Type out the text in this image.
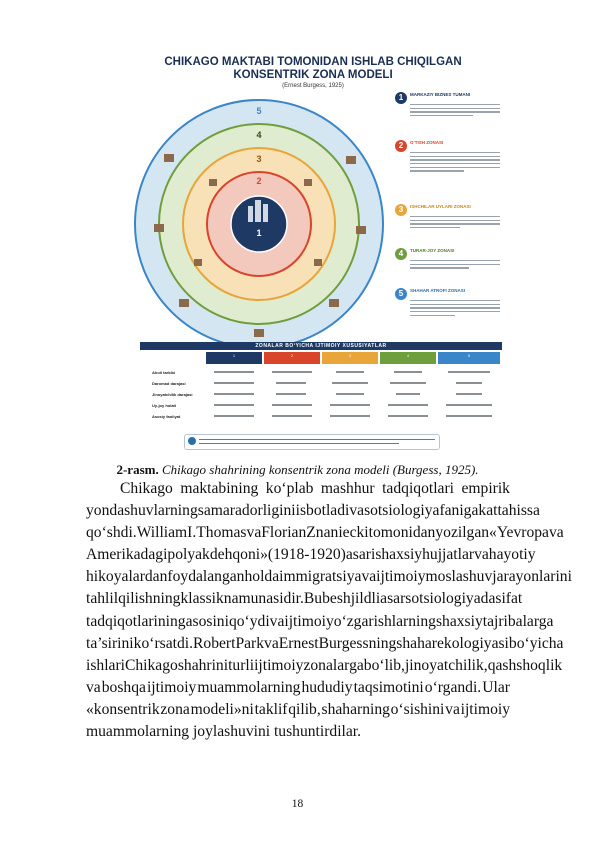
CHIKAGO MAKTABI TOMONIDAN ISHLAB CHIQILGAN
KONSENTRIK ZONA MODELI
(Ernest Burgess, 1925)
5
4
3
2
1
1	MARKAZIY BIZNES TUMANI
2	O‘TISH ZONASI
3	ISHCHILAR UYLARI ZONASI
4	TURAR-JOY ZONASI
5	SHAHAR ATROFI ZONASI
ZONALAR BO‘YICHA IJTIMOIY XUSUSIYATLAR
1	2	3	4	5
Aholi tarkibi
Daromad darajasi
Jinoyatchilik darajasi
Uy-joy holati
Asosiy faoliyat
2-rasm. Chikago shahrining konsentrik zona modeli (Burgess, 1925).
Chikago maktabining ko‘plab mashhur tadqiqotlari empirik
yondashuvlarning samaradorligini isbotladi va sotsiologiya faniga katta hissa
qo‘shdi. William I. Thomas va Florian Znaniecki tomonidan yozilgan «Yevropa va
Amerikadagi polyak dehqoni» (1918-1920) asari shaxsiy hujjatlar va hayotiy
hikoyalardan foydalangan holda immigratsiya va ijtimoiy moslashuv jarayonlarini
tahlil qilishning klassik namunasidir. Bu besh jildli asar sotsiologiyada sifat
tadqiqotlarining asosini qo‘ydi va ijtimoiy o‘zgarishlarning shaxsiy tajribalarga
ta’sirini ko‘rsatdi. Robert Park va Ernest Burgessning shahar ekologiyasi bo‘yicha
ishlari Chikago shahrini turli ijtimoiy zonalarga bo‘lib, jinoyatchilik, qashshoqlik
va boshqa ijtimoiy muammolarning hududiy taqsimotini o‘rgandi. Ular
«konsentrik zona modeli»ni taklif qilib, shaharning o‘sishini va ijtimoiy
muammolarning joylashuvini tushuntirdilar.
18
